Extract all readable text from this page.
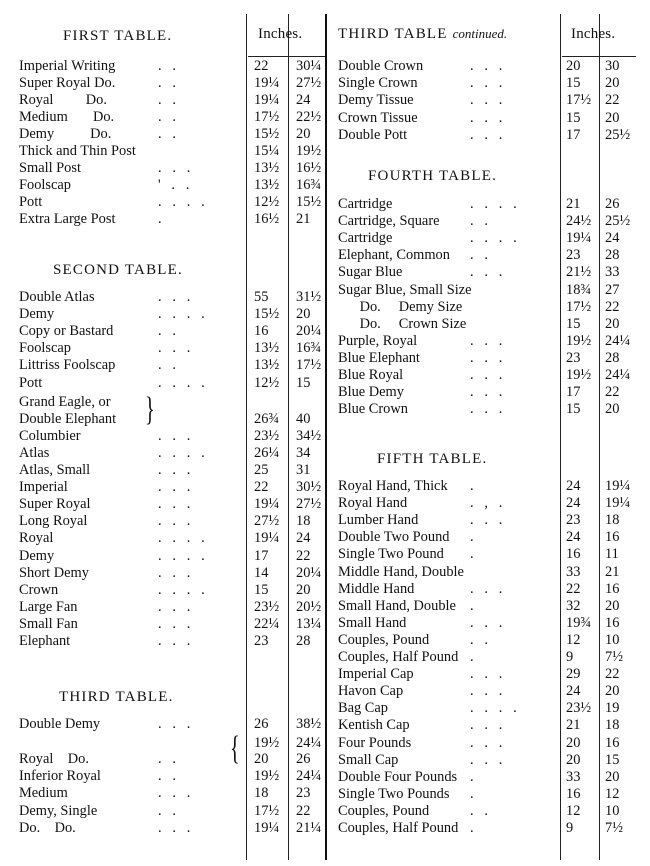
FIRST TABLE.	Inches. THIRD TABLE continued.	Inches.
SECOND TABLE.
THIRD TABLE.
FOURTH TABLE.
FIFTH TABLE.
}
{
Imperial Writing	.   .	22 30¼
Super Royal Do.	.   .	19¼ 27½
Royal         Do.	.   .	19¼ 24
Medium       Do.	.   .	17½ 22½
Demy          Do.	.   .	15½ 20
Thick and Thin Post	15¼ 19½
Small Post	.   .   .	13½ 16½
Foolscap	'   .   .	13½ 16¾
Pott	.   .   .   .	12½ 15½
Extra Large Post	.	16½ 21
Double Atlas	.   .   .	55 31½
Demy	.   .   .   .	15½ 20
Copy or Bastard	.   .	16 20¼
Foolscap	.   .   .	13½ 16¾
Littriss Foolscap	.   .	13½ 17½
Pott	.   .   .   .	12½ 15
Grand Eagle, or
Double Elephant	26¾ 40
Columbier	.   .   .	23½ 34½
Atlas	.   .   .   .	26¼ 34
Atlas, Small	.   .   .	25 31
Imperial	.   .   .	22 30½
Super Royal	.   .   .	19¼ 27½
Long Royal	.   .   .	27½ 18
Royal	.   .   .   .	19¼ 24
Demy	.   .   .   .	17 22
Short Demy	.   .   .	14 20¼
Crown	.   .   .   .	15 20
Large Fan	.   .   .	23½ 20½
Small Fan	.   .   .	22¼ 13¼
Elephant	.   .   .	23 28
Double Demy	.   .   .	26 38½
19½ 24¼
Royal    Do.	.   .	20 26
Inferior Royal	.   .	19½ 24¼
Medium	.   .   .	18 23
Demy, Single	.   .	17½ 22
Do.    Do.	.   .   .	19¼ 21¼
Double Crown	.   .   .	20 30
Single Crown	.   .   .	15 20
Demy Tissue	.   .   .	17½ 22
Crown Tissue	.   .   .	15 20
Double Pott	.   .   .	17 25½
Cartridge	.   .   .   .	21 26
Cartridge, Square .   .	24½ 25½
Cartridge	.   .   .   .	19¼ 24
Elephant, Common .   .	23 28
Sugar Blue	.   .   .	21½ 33
Sugar Blue, Small Size	18¾ 27
Do.     Demy Size	17½ 22
Do.     Crown Size	15 20
Purple, Royal	.   .   .	19½ 24¼
Blue Elephant	.   .   .	23 28
Blue Royal	.   .   .	19½ 24¼
Blue Demy	.   .   .	17 22
Blue Crown	.   .   .	15 20
Royal Hand, Thick .	24 19¼
Royal Hand	.   ,   .	24 19¼
Lumber Hand	.   .   .	23 18
Double Two Pound .	24 16
Single Two Pound .	16 11
Middle Hand, Double	33 21
Middle Hand	.   .   .	22 16
Small Hand, Double .	32 20
Small Hand	.   .   .	19¾ 16
Couples, Pound	.   .	12 10
Couples, Half Pound .	9 7½
Imperial Cap	.   .   .	29 22
Havon Cap	.   .   .	24 20
Bag Cap	.   .   .   .	23½ 19
Kentish Cap	.   .   .	21 18
Four Pounds	.   .   .	20 16
Small Cap	.   .   .	20 15
Double Four Pounds .	33 20
Single Two Pounds .	16 12
Couples, Pound	.   .	12 10
Couples, Half Pound .	9 7½
